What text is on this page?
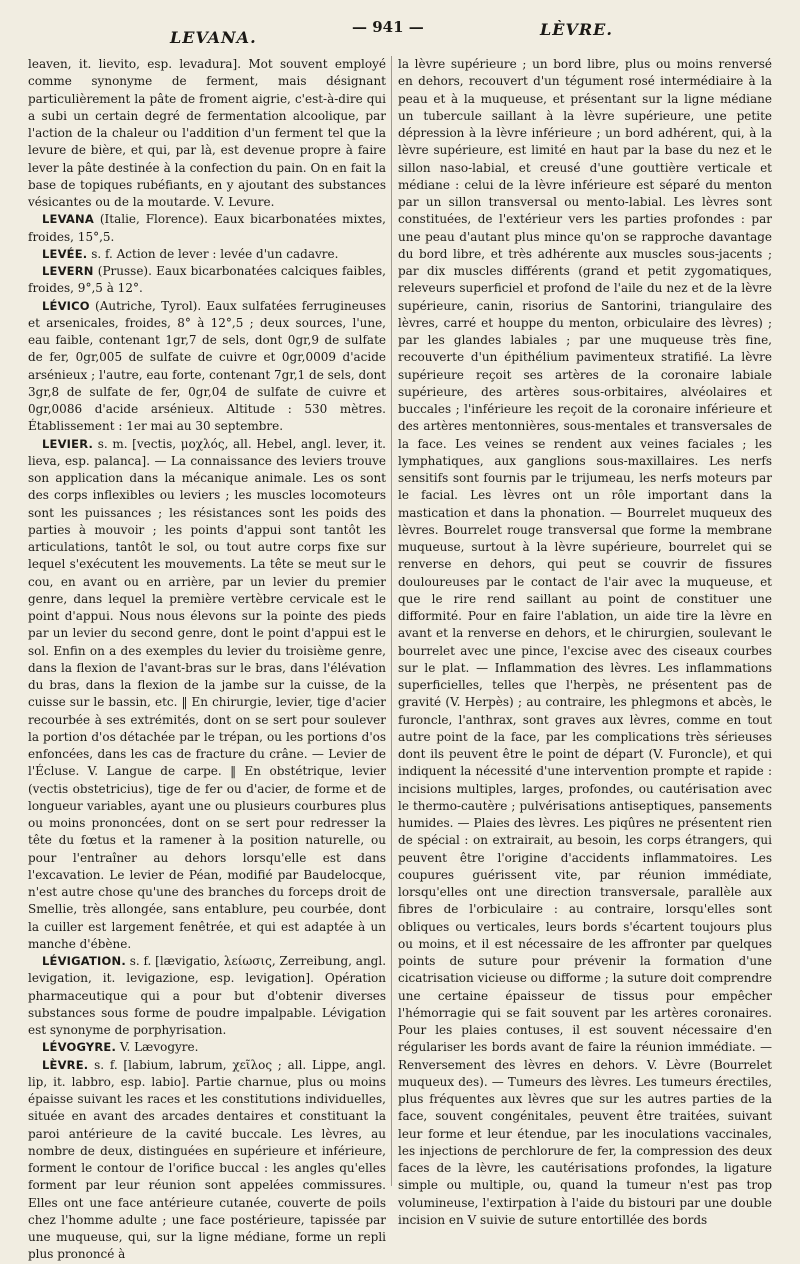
LEVANA.
— 941 —	LÈVRE.

leaven, it. lievito, esp. levadura]. Mot souvent employé comme synonyme de ferment, mais désignant particulièrement la pâte de froment aigrie, c'est-à-dire qui a subi un certain degré de fermentation alcoolique, par l'action de la chaleur ou l'addition d'un ferment tel que la levure de bière, et qui, par là, est devenue propre à faire lever la pâte destinée à la confection du pain. On en fait la base de topiques rubéfiants, en y ajoutant des substances vésicantes ou de la moutarde. V. Levure.

LEVANA (Italie, Florence). Eaux bicarbonatées mixtes, froides, 15°,5.

LEVÉE. s. f. Action de lever : levée d'un cadavre.

LEVERN (Prusse). Eaux bicarbonatées calciques faibles, froides, 9°,5 à 12°.

LÉVICO (Autriche, Tyrol). Eaux sulfatées ferrugineuses et arsenicales, froides, 8° à 12°,5 ; deux sources, l'une, eau faible, contenant 1gr,7 de sels, dont 0gr,9 de sulfate de fer, 0gr,005 de sulfate de cuivre et 0gr,0009 d'acide arsénieux ; l'autre, eau forte, contenant 7gr,1 de sels, dont 3gr,8 de sulfate de fer, 0gr,04 de sulfate de cuivre et 0gr,0086 d'acide arsénieux. Altitude : 530 mètres. Établissement : 1er mai au 30 septembre.

LEVIER. s. m. [vectis, μοχλός, all. Hebel, angl. lever, it. lieva, esp. palanca]. — La connaissance des leviers trouve son application dans la mécanique animale. Les os sont des corps inflexibles ou leviers ; les muscles locomoteurs sont les puissances ; les résistances sont les poids des parties à mouvoir ; les points d'appui sont tantôt les articulations, tantôt le sol, ou tout autre corps fixe sur lequel s'exécutent les mouvements. La tête se meut sur le cou, en avant ou en arrière, par un levier du premier genre, dans lequel la première vertèbre cervicale est le point d'appui. Nous nous élevons sur la pointe des pieds par un levier du second genre, dont le point d'appui est le sol. Enfin on a des exemples du levier du troisième genre, dans la flexion de l'avant-bras sur le bras, dans l'élévation du bras, dans la flexion de la jambe sur la cuisse, de la cuisse sur le bassin, etc. ‖ En chirurgie, levier, tige d'acier recourbée à ses extrémités, dont on se sert pour soulever la portion d'os détachée par le trépan, ou les portions d'os enfoncées, dans les cas de fracture du crâne. — Levier de l'Écluse. V. Langue de carpe. ‖ En obstétrique, levier (vectis obstetricius), tige de fer ou d'acier, de forme et de longueur variables, ayant une ou plusieurs courbures plus ou moins prononcées, dont on se sert pour redresser la tête du fœtus et la ramener à la position naturelle, ou pour l'entraîner au dehors lorsqu'elle est dans l'excavation. Le levier de Péan, modifié par Baudelocque, n'est autre chose qu'une des branches du forceps droit de Smellie, très allongée, sans entablure, peu courbée, dont la cuiller est largement fenêtrée, et qui est adaptée à un manche d'ébène.

LÉVIGATION. s. f. [lævigatio, λείωσις, Zerreibung, angl. levigation, it. levigazione, esp. levigation]. Opération pharmaceutique qui a pour but d'obtenir diverses substances sous forme de poudre impalpable. Lévigation est synonyme de porphyrisation.

LÉVOGYRE. V. Lævogyre.

LÈVRE. s. f. [labium, labrum, χεῖλος ; all. Lippe, angl. lip, it. labbro, esp. labio]. Partie charnue, plus ou moins épaisse suivant les races et les constitutions individuelles, située en avant des arcades dentaires et constituant la paroi antérieure de la cavité buccale. Les lèvres, au nombre de deux, distinguées en supérieure et inférieure, forment le contour de l'orifice buccal : les angles qu'elles forment par leur réunion sont appelées commissures. Elles ont une face antérieure cutanée, couverte de poils chez l'homme adulte ; une face postérieure, tapissée par une muqueuse, qui, sur la ligne médiane, forme un repli plus prononcé à

la lèvre supérieure ; un bord libre, plus ou moins renversé en dehors, recouvert d'un tégument rosé intermédiaire à la peau et à la muqueuse, et présentant sur la ligne médiane un tubercule saillant à la lèvre supérieure, une petite dépression à la lèvre inférieure ; un bord adhérent, qui, à la lèvre supérieure, est limité en haut par la base du nez et le sillon naso-labial, et creusé d'une gouttière verticale et médiane : celui de la lèvre inférieure est séparé du menton par un sillon transversal ou mento-labial. Les lèvres sont constituées, de l'extérieur vers les parties profondes : par une peau d'autant plus mince qu'on se rapproche davantage du bord libre, et très adhérente aux muscles sous-jacents ; par dix muscles différents (grand et petit zygomatiques, releveurs superficiel et profond de l'aile du nez et de la lèvre supérieure, canin, risorius de Santorini, triangulaire des lèvres, carré et houppe du menton, orbiculaire des lèvres) ; par les glandes labiales ; par une muqueuse très fine, recouverte d'un épithélium pavimenteux stratifié. La lèvre supérieure reçoit ses artères de la coronaire labiale supérieure, des artères sous-orbitaires, alvéolaires et buccales ; l'inférieure les reçoit de la coronaire inférieure et des artères mentonnières, sous-mentales et transversales de la face. Les veines se rendent aux veines faciales ; les lymphatiques, aux ganglions sous-maxillaires. Les nerfs sensitifs sont fournis par le trijumeau, les nerfs moteurs par le facial. Les lèvres ont un rôle important dans la mastication et dans la phonation. — Bourrelet muqueux des lèvres. Bourrelet rouge transversal que forme la membrane muqueuse, surtout à la lèvre supérieure, bourrelet qui se renverse en dehors, qui peut se couvrir de fissures douloureuses par le contact de l'air avec la muqueuse, et que le rire rend saillant au point de constituer une difformité. Pour en faire l'ablation, un aide tire la lèvre en avant et la renverse en dehors, et le chirurgien, soulevant le bourrelet avec une pince, l'excise avec des ciseaux courbes sur le plat. — Inflammation des lèvres. Les inflammations superficielles, telles que l'herpès, ne présentent pas de gravité (V. Herpès) ; au contraire, les phlegmons et abcès, le furoncle, l'anthrax, sont graves aux lèvres, comme en tout autre point de la face, par les complications très sérieuses dont ils peuvent être le point de départ (V. Furoncle), et qui indiquent la nécessité d'une intervention prompte et rapide : incisions multiples, larges, profondes, ou cautérisation avec le thermo-cautère ; pulvérisations antiseptiques, pansements humides. — Plaies des lèvres. Les piqûres ne présentent rien de spécial : on extrairait, au besoin, les corps étrangers, qui peuvent être l'origine d'accidents inflammatoires. Les coupures guérissent vite, par réunion immédiate, lorsqu'elles ont une direction transversale, parallèle aux fibres de l'orbiculaire : au contraire, lorsqu'elles sont obliques ou verticales, leurs bords s'écartent toujours plus ou moins, et il est nécessaire de les affronter par quelques points de suture pour prévenir la formation d'une cicatrisation vicieuse ou difforme ; la suture doit comprendre une certaine épaisseur de tissus pour empêcher l'hémorragie qui se fait souvent par les artères coronaires. Pour les plaies contuses, il est souvent nécessaire d'en régulariser les bords avant de faire la réunion immédiate. — Renversement des lèvres en dehors. V. Lèvre (Bourrelet muqueux des). — Tumeurs des lèvres. Les tumeurs érectiles, plus fréquentes aux lèvres que sur les autres parties de la face, souvent congénitales, peuvent être traitées, suivant leur forme et leur étendue, par les inoculations vaccinales, les injections de perchlorure de fer, la compression des deux faces de la lèvre, les cautérisations profondes, la ligature simple ou multiple, ou, quand la tumeur n'est pas trop volumineuse, l'extirpation à l'aide du bistouri par une double incision en V suivie de suture entortillée des bords
